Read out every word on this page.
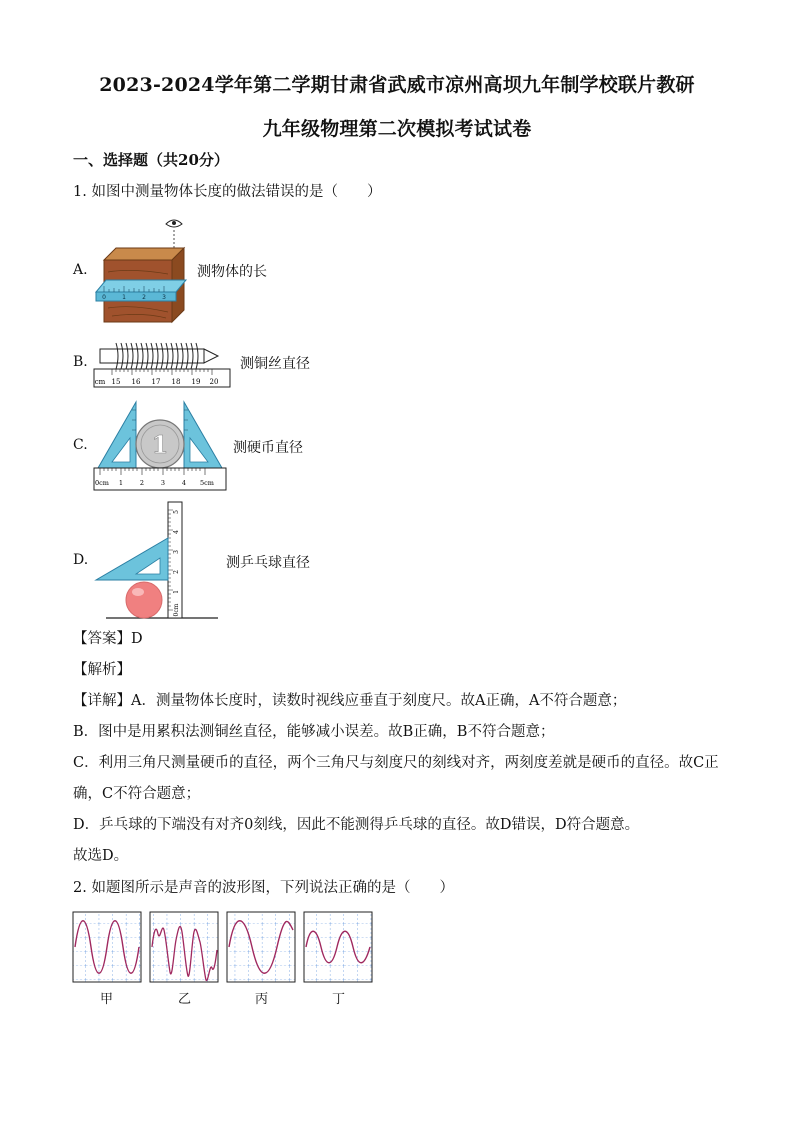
2023-2024学年第二学期甘肃省武威市凉州高坝九年制学校联片教研
九年级物理第二次模拟考试试卷
一、选择题（共20分）
1. 如图中测量物体长度的做法错误的是（　　）
A.
0	1	2	3
测物体的长
B.
cm 15 16 17 18 19 20
测铜丝直径
C.	1
0cm 1	2	3	4 5cm
测硬币直径
D.
0cm
1
2
3
4
5
测乒乓球直径
【答案】D
【解析】
【详解】A．测量物体长度时，读数时视线应垂直于刻度尺。故A正确，A不符合题意；
B．图中是用累积法测铜丝直径，能够减小误差。故B正确，B不符合题意；
C．利用三角尺测量硬币的直径，两个三角尺与刻度尺的刻线对齐，两刻度差就是硬币的直径。故C正
确，C不符合题意；
D．乒乓球的下端没有对齐0刻线，因此不能测得乒乓球的直径。故D错误，D符合题意。
故选D。
2. 如题图所示是声音的波形图，下列说法正确的是（　　）
甲	乙	丙	丁
